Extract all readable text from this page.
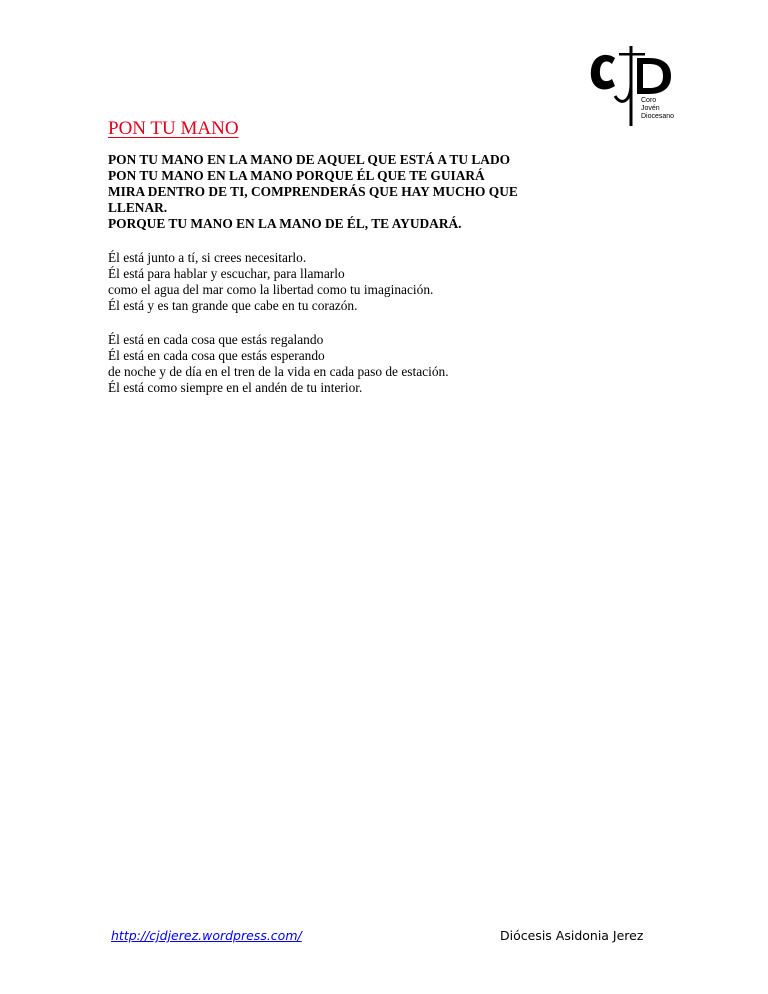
Coro
Jovén
Diocesano
PON TU MANO
PON TU MANO EN LA MANO DE AQUEL QUE ESTÁ A TU LADO
PON TU MANO EN LA MANO PORQUE ÉL QUE TE GUIARÁ
MIRA DENTRO DE TI, COMPRENDERÁS QUE HAY MUCHO QUE
LLENAR.
PORQUE TU MANO EN LA MANO DE ÉL, TE AYUDARÁ.
Él está junto a tí, si crees necesitarlo.
Él está para hablar y escuchar, para llamarlo
como el agua del mar como la libertad como tu imaginación.
Él está y es tan grande que cabe en tu corazón.
Él está en cada cosa que estás regalando
Él está en cada cosa que estás esperando
de noche y de día en el tren de la vida en cada paso de estación.
Él está como siempre en el andén de tu interior.
http://cjdjerez.wordpress.com/	Diócesis Asidonia Jerez
